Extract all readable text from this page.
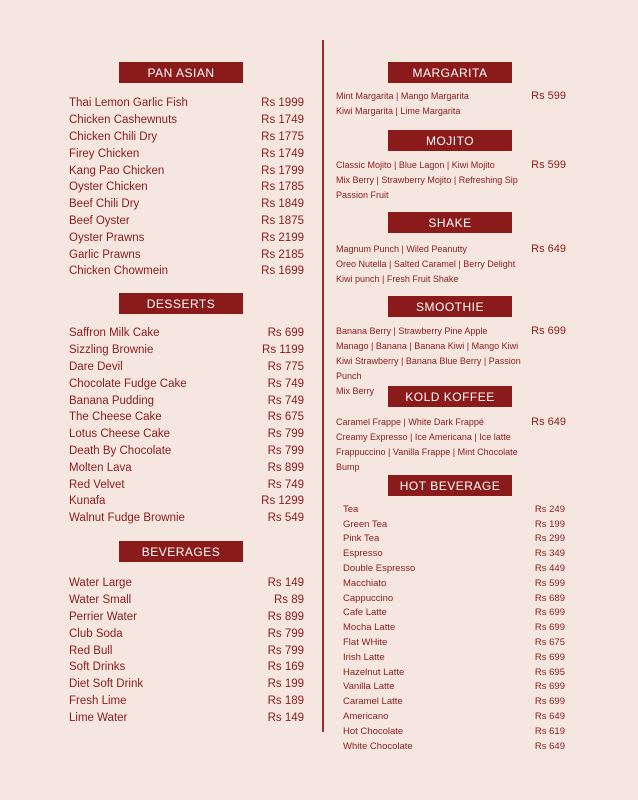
PAN ASIAN
Thai Lemon Garlic Fish	Rs 1999
Chicken Cashewnuts	Rs 1749
Chicken Chili Dry	Rs 1775
Firey Chicken	Rs 1749
Kang Pao Chicken	Rs 1799
Oyster Chicken	Rs 1785
Beef Chili Dry	Rs 1849
Beef Oyster	Rs 1875
Oyster Prawns	Rs 2199
Garlic Prawns	Rs 2185
Chicken Chowmein	Rs 1699
DESSERTS
Saffron Milk Cake	Rs 699
Sizzling Brownie	Rs 1199
Dare Devil	Rs 775
Chocolate Fudge Cake	Rs 749
Banana Pudding	Rs 749
The Cheese Cake	Rs 675
Lotus Cheese Cake	Rs 799
Death By Chocolate	Rs 799
Molten Lava	Rs 899
Red Velvet	Rs 749
Kunafa	Rs 1299
Walnut Fudge Brownie	Rs 549
BEVERAGES
Water Large	Rs 149
Water Small	Rs 89
Perrier Water	Rs 899
Club Soda	Rs 799
Red Bull	Rs 799
Soft Drinks	Rs 169
Diet Soft Drink	Rs 199
Fresh Lime	Rs 189
Lime Water	Rs 149
MARGARITA
Mint Margarita | Mango Margarita
Kiwi Margarita | Lime Margarita
Rs 599
MOJITO
Classic Mojito | Blue Lagon | Kiwi Mojito
Mix Berry | Strawberry Mojito | Refreshing Sip
Passion Fruit
Rs 599
SHAKE
Magnum Punch | Wiled Peanutty
Oreo Nutella | Salted Caramel | Berry Delight
Kiwi punch | Fresh Fruit Shake
Rs 649
SMOOTHIE
Banana Berry | Strawberry Pine Apple
Manago | Banana | Banana Kiwi | Mango Kiwi
Kiwi Strawberry | Banana Blue Berry | Passion Punch
Mix Berry
Rs 699
KOLD KOFFEE
Caramel Frappe | White Dark Frappé
Creamy Expresso | Ice Americana | Ice latte
Frappuccino | Vanilla Frappe | Mint Chocolate Bump
Rs 649
HOT BEVERAGE
Tea	Rs 249
Green Tea	Rs 199
Pink Tea	Rs 299
Espresso	Rs 349
Double Espresso	Rs 449
Macchiato	Rs 599
Cappuccino	Rs 689
Cafe Latte	Rs 699
Mocha Latte	Rs 699
Flat WHite	Rs 675
Irish Latte	Rs 699
Hazelnut Latte	Rs 695
Vanilla Latte	Rs 699
Caramel Latte	Rs 699
Americano	Rs 649
Hot Chocolate	Rs 619
White Chocolate	Rs 649
